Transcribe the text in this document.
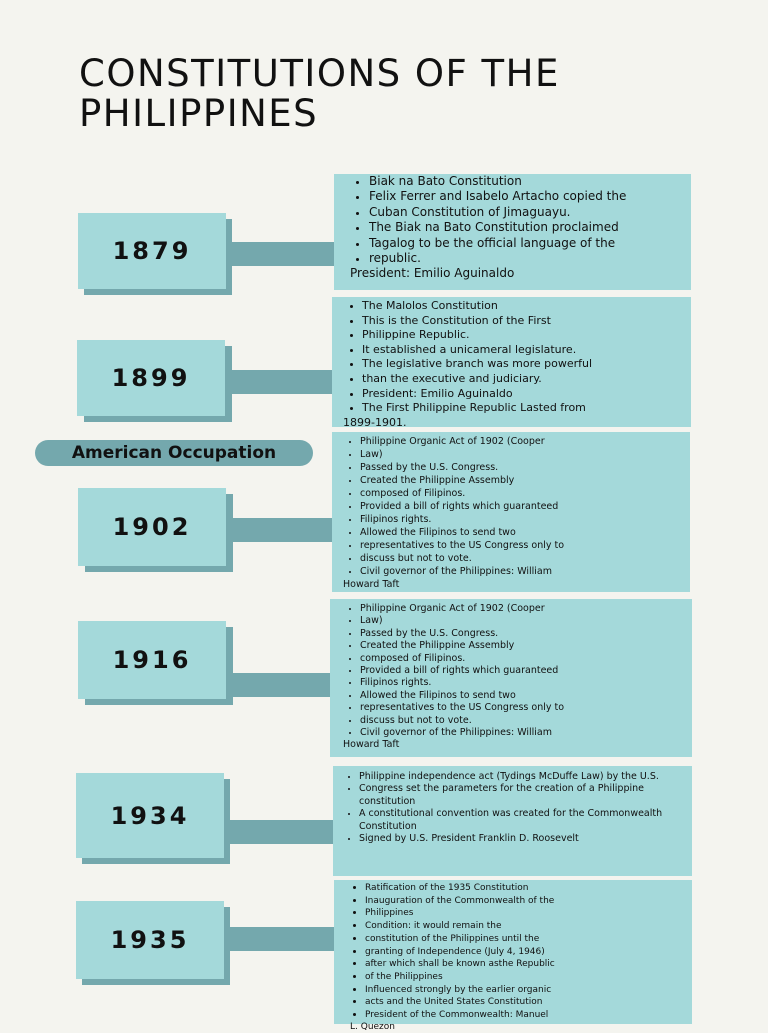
CONSTITUTIONS OF THE
PHILIPPINES
1879
• Biak na Bato Constitution
• Felix Ferrer and Isabelo Artacho copied the
• Cuban Constitution of Jimaguayu.
• The Biak na Bato Constitution proclaimed
• Tagalog to be the official language of the
• republic.

President: Emilio Aguinaldo

1899
• The Malolos Constitution
• This is the Constitution of the First
• Philippine Republic.
• It established a unicameral legislature.
• The legislative branch was more powerful
• than the executive and judiciary.
• President: Emilio Aguinaldo
• The First Philippine Republic Lasted from

1899-1901.

American Occupation
1902
• Philippine Organic Act of 1902 (Cooper
• Law)
• Passed by the U.S. Congress.
• Created the Philippine Assembly
• composed of Filipinos.
• Provided a bill of rights which guaranteed
• Filipinos rights.
• Allowed the Filipinos to send two
• representatives to the US Congress only to
• discuss but not to vote.
• Civil governor of the Philippines: William

Howard Taft

1916
• Philippine Organic Act of 1902 (Cooper
• Law)
• Passed by the U.S. Congress.
• Created the Philippine Assembly
• composed of Filipinos.
• Provided a bill of rights which guaranteed
• Filipinos rights.
• Allowed the Filipinos to send two
• representatives to the US Congress only to
• discuss but not to vote.
• Civil governor of the Philippines: William

Howard Taft

1934
• Philippine independence act (Tydings McDuffe Law) by the U.S.
• Congress set the parameters for the creation of a Philippine constitution
• A constitutional convention was created for the Commonwealth Constitution
• Signed by U.S. President Franklin D. Roosevelt
1935
• Ratification of the 1935 Constitution
• Inauguration of the Commonwealth of the
• Philippines
• Condition: it would remain the
• constitution of the Philippines until the
• granting of Independence (July 4, 1946)
• after which shall be known asthe Republic
• of the Philippines
• Influenced strongly by the earlier organic
• acts and the United States Constitution
• President of the Commonwealth: Manuel

L. Quezon
